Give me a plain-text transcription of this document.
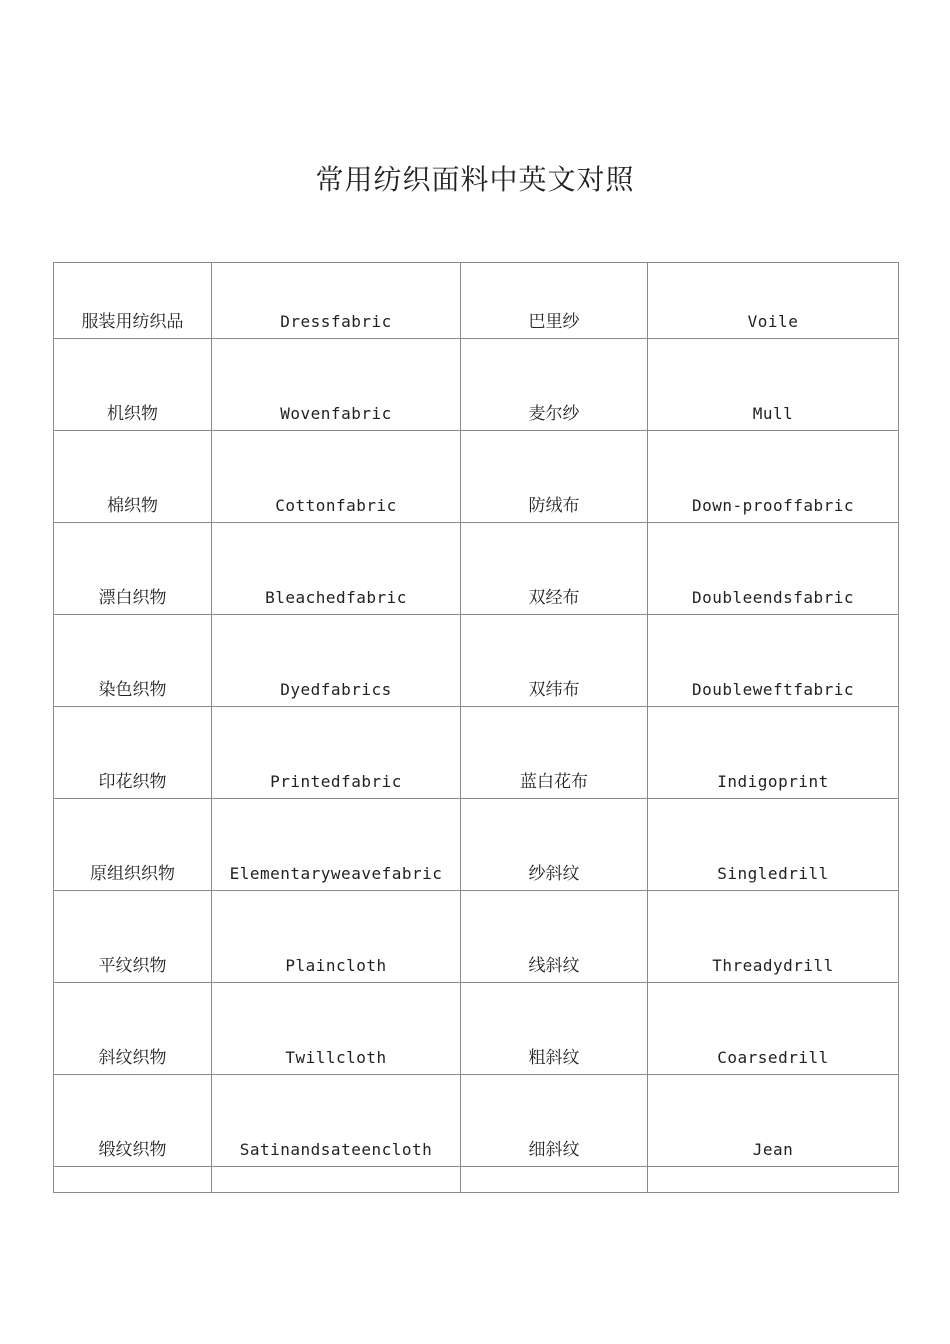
常用纺织面料中英文对照
服装用纺织品	Dressfabric	巴里纱	Voile
机织物	Wovenfabric	麦尔纱	Mull
棉织物	Cottonfabric	防绒布	Down-prooffabric
漂白织物	Bleachedfabric	双经布	Doubleendsfabric
染色织物	Dyedfabrics	双纬布	Doubleweftfabric
印花织物	Printedfabric	蓝白花布	Indigoprint
原组织织物	Elementaryweavefabric	纱斜纹	Singledrill
平纹织物	Plaincloth	线斜纹	Threadydrill
斜纹织物	Twillcloth	粗斜纹	Coarsedrill
缎纹织物	Satinandsateencloth	细斜纹	Jean
